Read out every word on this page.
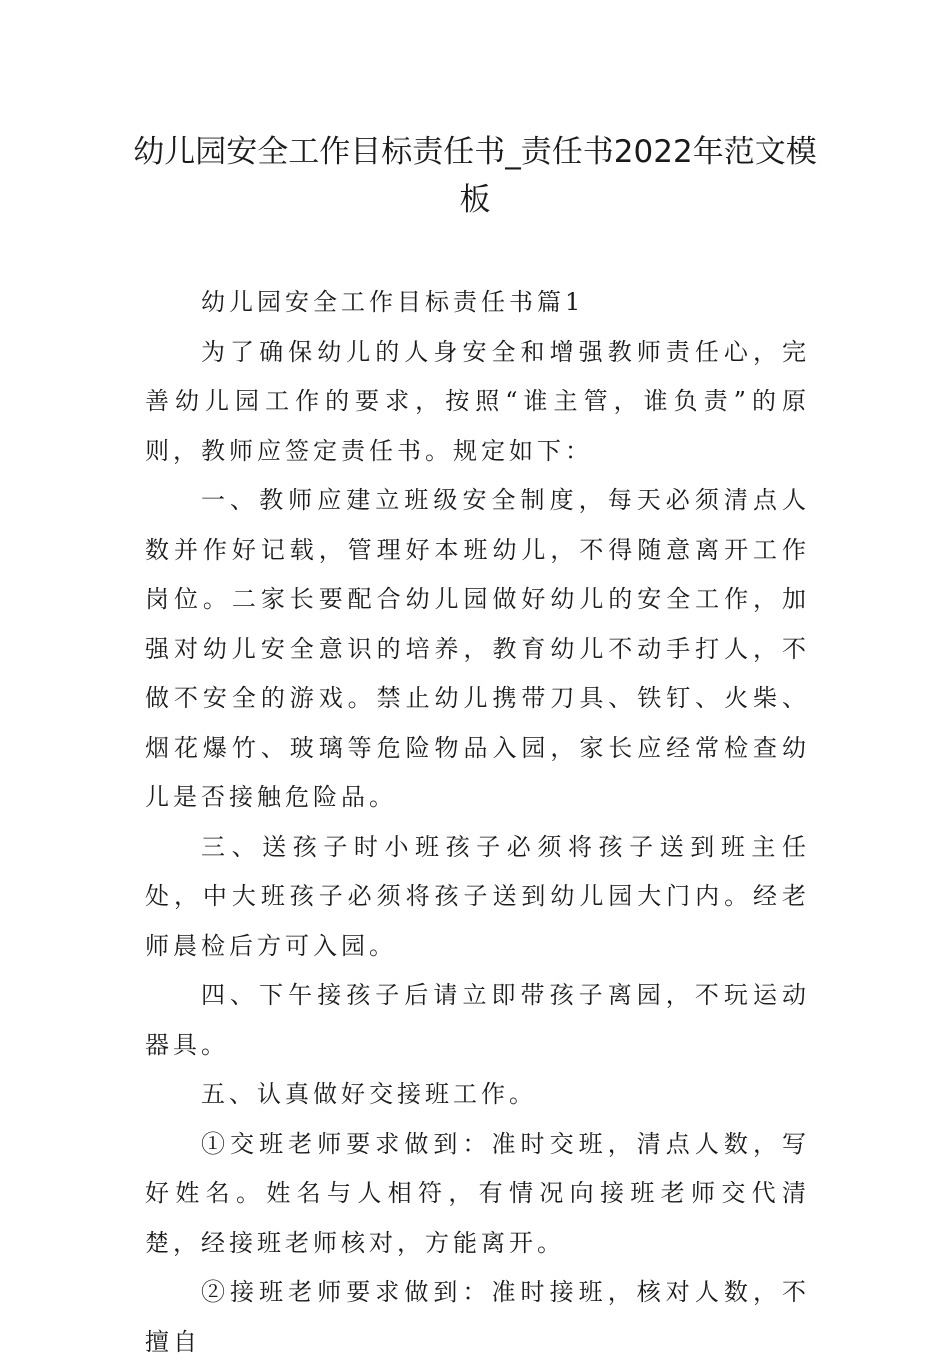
幼儿园安全工作目标责任书_责任书2022年范文模板

幼儿园安全工作目标责任书篇1

为了确保幼儿的人身安全和增强教师责任心，完善幼儿园工作的要求，按照“谁主管，谁负责”的原则，教师应签定责任书。规定如下：

一、教师应建立班级安全制度，每天必须清点人数并作好记载，管理好本班幼儿，不得随意离开工作岗位。二家长要配合幼儿园做好幼儿的安全工作，加强对幼儿安全意识的培养，教育幼儿不动手打人，不做不安全的游戏。禁止幼儿携带刀具、铁钉、火柴、烟花爆竹、玻璃等危险物品入园，家长应经常检查幼儿是否接触危险品。

三、送孩子时小班孩子必须将孩子送到班主任处，中大班孩子必须将孩子送到幼儿园大门内。经老师晨检后方可入园。

四、下午接孩子后请立即带孩子离园，不玩运动器具。

五、认真做好交接班工作。

①交班老师要求做到：准时交班，清点人数，写好姓名。姓名与人相符，有情况向接班老师交代清楚，经接班老师核对，方能离开。

②接班老师要求做到：准时接班，核对人数，不擅自
